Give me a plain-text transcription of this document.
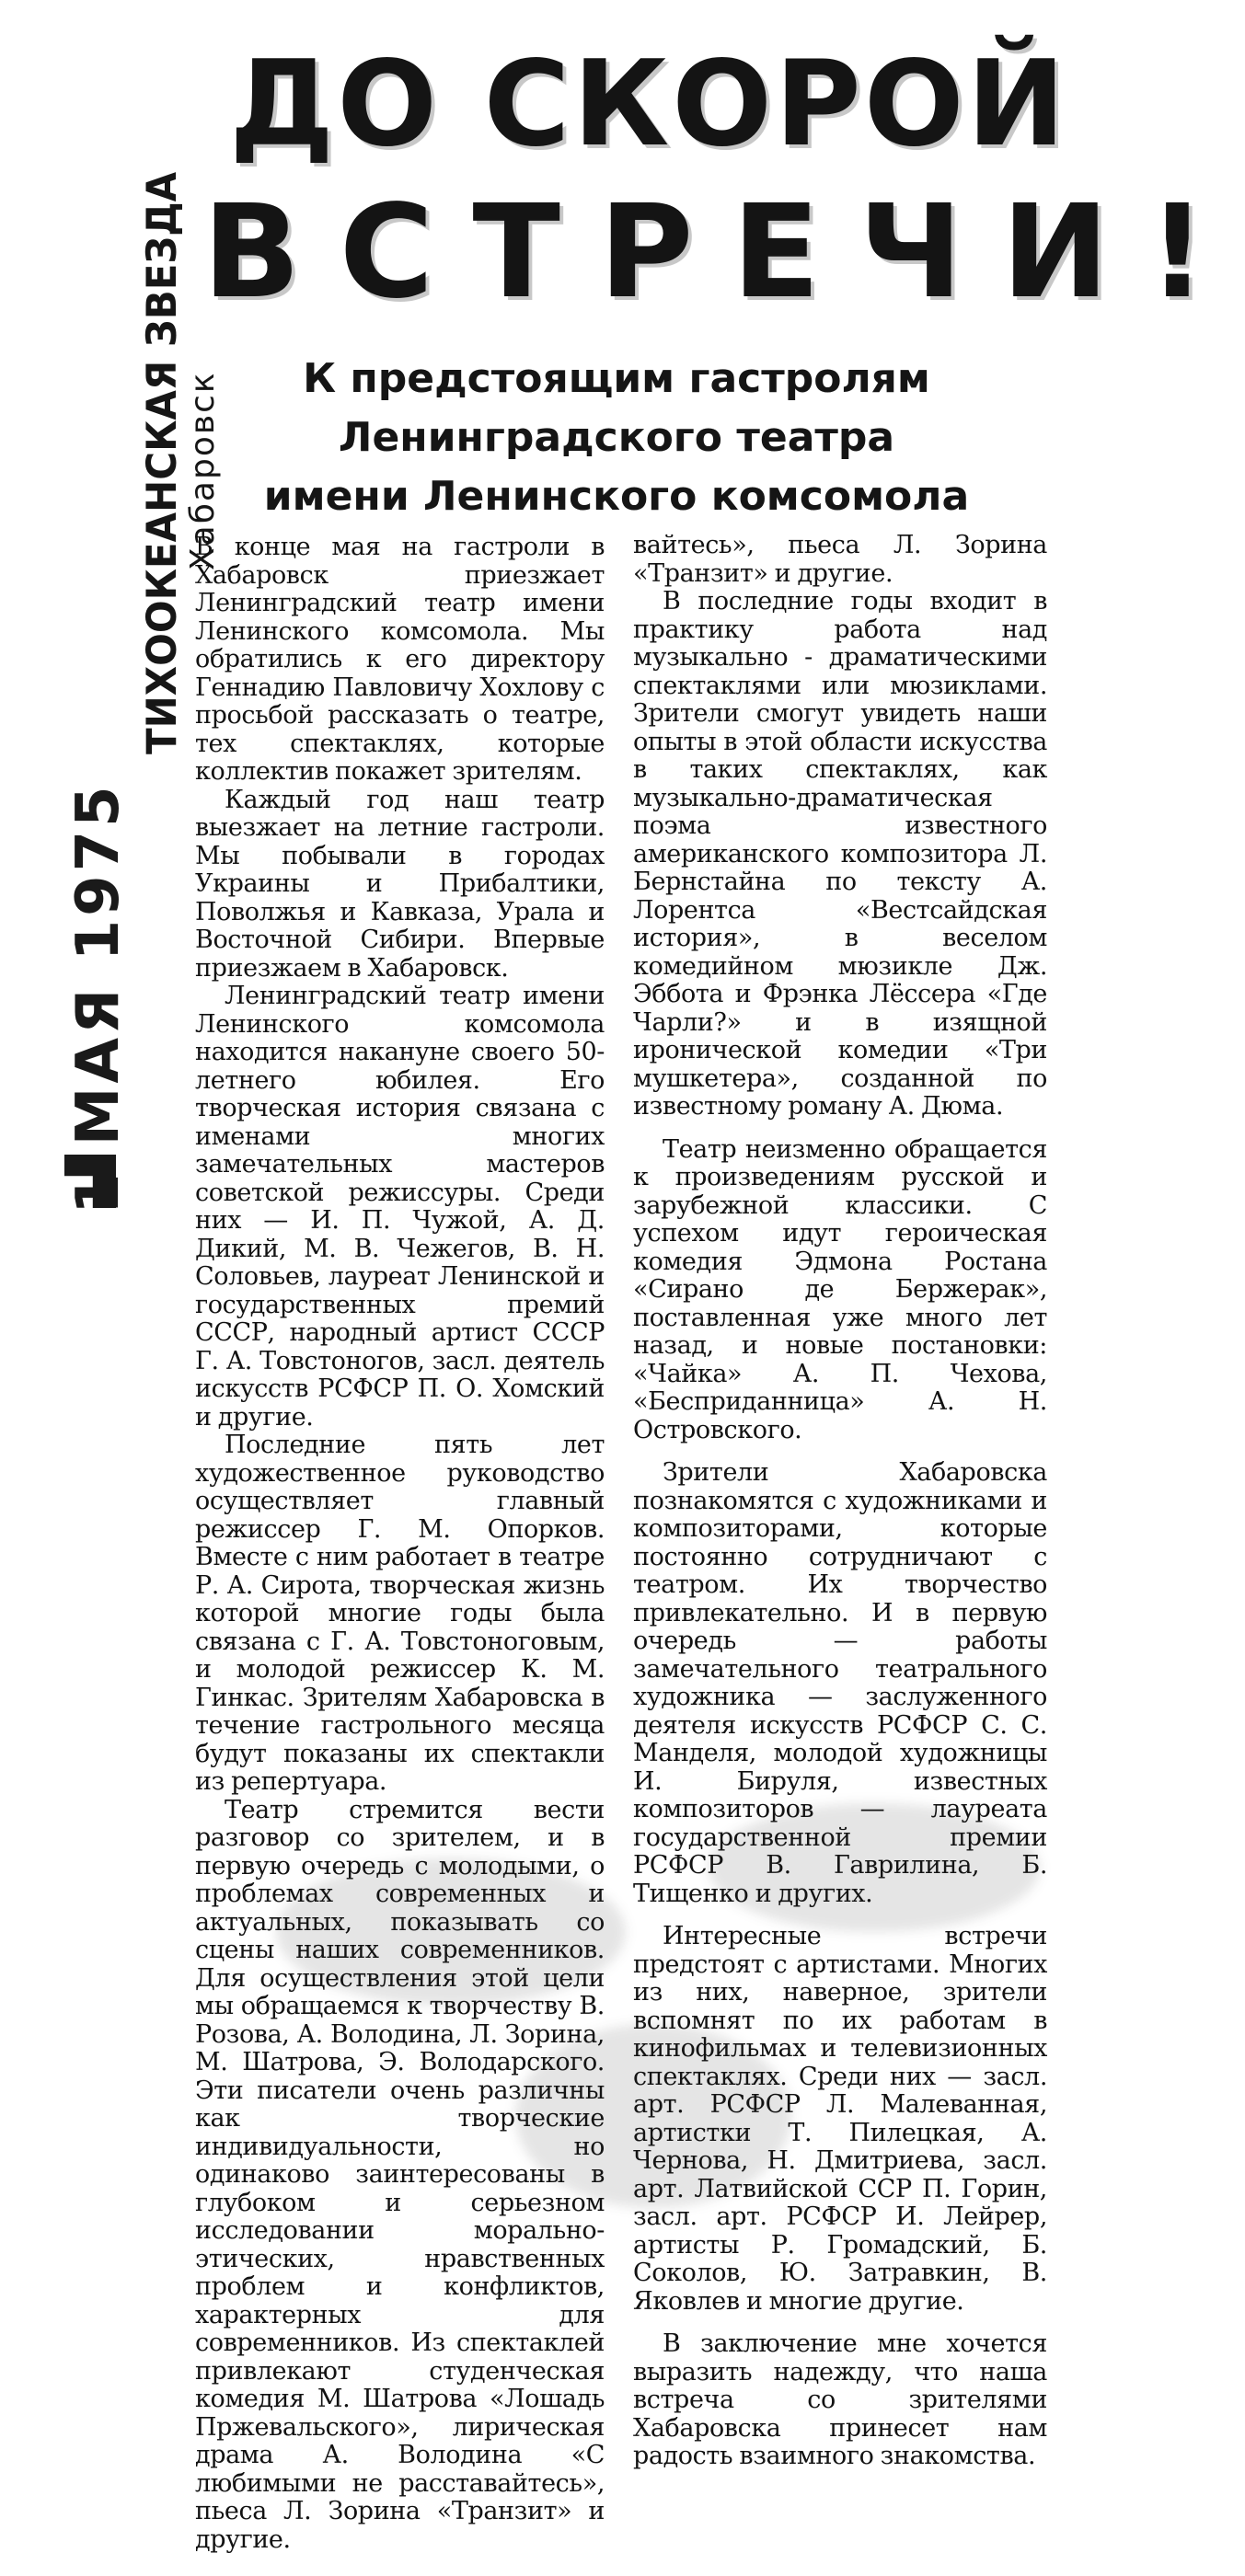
ДО СКОРОЙ
ВСТРЕЧИ!
К предстоящим гастролям
Ленинградского театра
имени Ленинского комсомола
ТИХООКЕАНСКАЯ ЗВЕЗДА
Хабаровск
1 МАЯ 1975

В конце мая на гастроли в Хабаровск приезжает Ленинградский театр имени Ленинского комсомола. Мы обратились к его директору Геннадию Павловичу Хохлову с просьбой рассказать о театре, тех спектаклях, которые коллектив покажет зрителям.

Каждый год наш театр выезжает на летние гастроли. Мы побывали в городах Украины и Прибалтики, Поволжья и Кавказа, Урала и Восточной Сибири. Впервые приезжаем в Хабаровск.

Ленинградский театр имени Ленинского комсомола находится накануне своего 50-летнего юбилея. Его творческая история связана с именами многих замечательных мастеров советской режиссуры. Среди них — И. П. Чужой, А. Д. Дикий, М. В. Чежегов, В. Н. Соловьев, лауреат Ленинской и государственных премий СССР, народный артист СССР Г. А. Товстоногов, засл. деятель искусств РСФСР П. О. Хомский и другие.

Последние пять лет художественное руководство осуществляет главный режиссер Г. М. Опорков. Вместе с ним работает в театре Р. А. Сирота, творческая жизнь которой многие годы была связана с Г. А. Товстоноговым, и молодой режиссер К. М. Гинкас. Зрителям Хабаровска в течение гастрольного месяца будут показаны их спектакли из репертуара.

Театр стремится вести разговор со зрителем, и в первую очередь с молодыми, о проблемах современных и актуальных, показывать со сцены наших современников. Для осуществления этой цели мы обращаемся к творчеству В. Розова, А. Володина, Л. Зорина, М. Шатрова, Э. Володарского. Эти писатели очень различны как творческие индивидуальности, но одинаково заинтересованы в глубоком и серьезном исследовании морально-этических, нравственных проблем и конфликтов, характерных для современников. Из спектаклей привлекают студенческая комедия М. Шатрова «Лошадь Пржевальского», лирическая драма А. Володина «С любимыми не расставайтесь», пьеса Л. Зорина «Транзит» и другие.

вайтесь», пьеса Л. Зорина «Транзит» и другие.

В последние годы входит в практику работа над музыкально - драматическими спектаклями или мюзиклами. Зрители смогут увидеть наши опыты в этой области искусства в таких спектаклях, как музыкально-драматическая поэма известного американского композитора Л. Бернстайна по тексту А. Лорентса «Вестсайдская история», в веселом комедийном мюзикле Дж. Эббота и Фрэнка Лёссера «Где Чарли?» и в изящной ироничеcкой комедии «Три мушкетера», созданной по известному роману А. Дюма.

Театр неизменно обращается к произведениям русской и зарубежной классики. С успехом идут героическая комедия Эдмона Ростана «Сирано де Бержерак», поставленная уже много лет назад, и новые постановки: «Чайка» А. П. Чехова, «Бесприданница» А. Н. Островского.

Зрители Хабаровска познакомятся с художниками и композиторами, которые постоянно сотрудничают с театром. Их творчество привлекательно. И в первую очередь — работы замечательного театрального художника — заслуженного деятеля искусств РСФСР С. С. Манделя, молодой художницы И. Бируля, известных композиторов — лауреата государственной премии РСФСР В. Гаврилина, Б. Тищенко и других.

Интересные встречи предстоят с артистами. Многих из них, наверное, зрители вспомнят по их работам в кинофильмах и телевизионных спектаклях. Среди них — засл. арт. РСФСР Л. Малеванная, артистки Т. Пилецкая, А. Чернова, Н. Дмитриева, засл. арт. Латвийской ССР П. Горин, засл. арт. РСФСР И. Лейрер, артисты Р. Громадский, Б. Соколов, Ю. Затравкин, В. Яковлев и многие другие.

В заключение мне хочется выразить надежду, что наша встреча со зрителями Хабаровска принесет нам радость взаимного знакомства.
